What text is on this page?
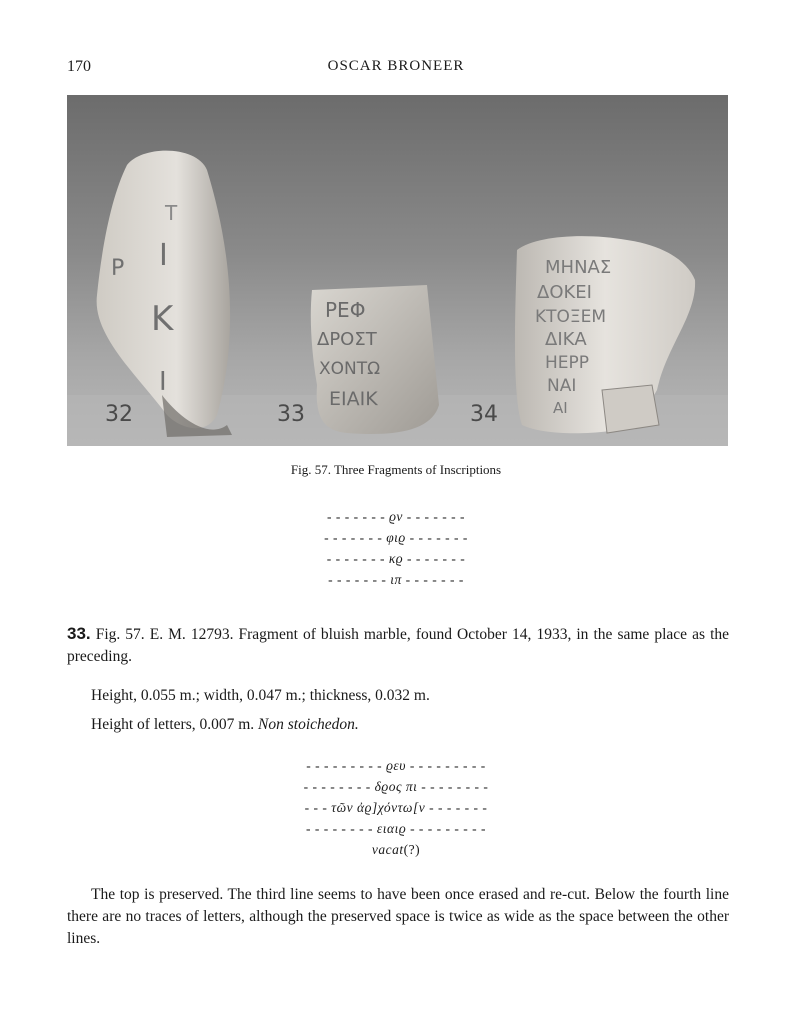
170	OSCAR BRONEER
Ρ Ι
Κ
Ι
Τ
32
ΡΕΦ
ΔΡΟΣΤ
ΧΟΝΤΩ
ΕΙΑΙΚ
33
ΜΗΝΑΣ
ΔΟΚΕΙ
ΚΤΟΞΕΜ
ΔΙΚΑ
ΗΕΡΡ
ΝΑΙ
ΑΙ
34
Fig. 57. Three Fragments of Inscriptions
- - - - - - - ϱν - - - - - - -
- - - - - - - φιϱ - - - - - - -
- - - - - - - κϱ - - - - - - -
- - - - - - - ιπ - - - - - - -
33. Fig. 57. E. M. 12793. Fragment of bluish marble, found October 14, 1933, in the same place as the preceding.
Height, 0.055 m.; width, 0.047 m.; thickness, 0.032 m.
Height of letters, 0.007 m. Non stoichedon.
- - - - - - - - - ϱευ - - - - - - - - -
- - - - - - - - δϱος πι - - - - - - - -
- - - τῶν ἀϱ]χόντω[ν - - - - - - -
- - - - - - - - ειαιϱ - - - - - - - - -
vacat(?)
The top is preserved. The third line seems to have been once erased and re-cut. Below the fourth line there are no traces of letters, although the preserved space is twice as wide as the space between the other lines.
